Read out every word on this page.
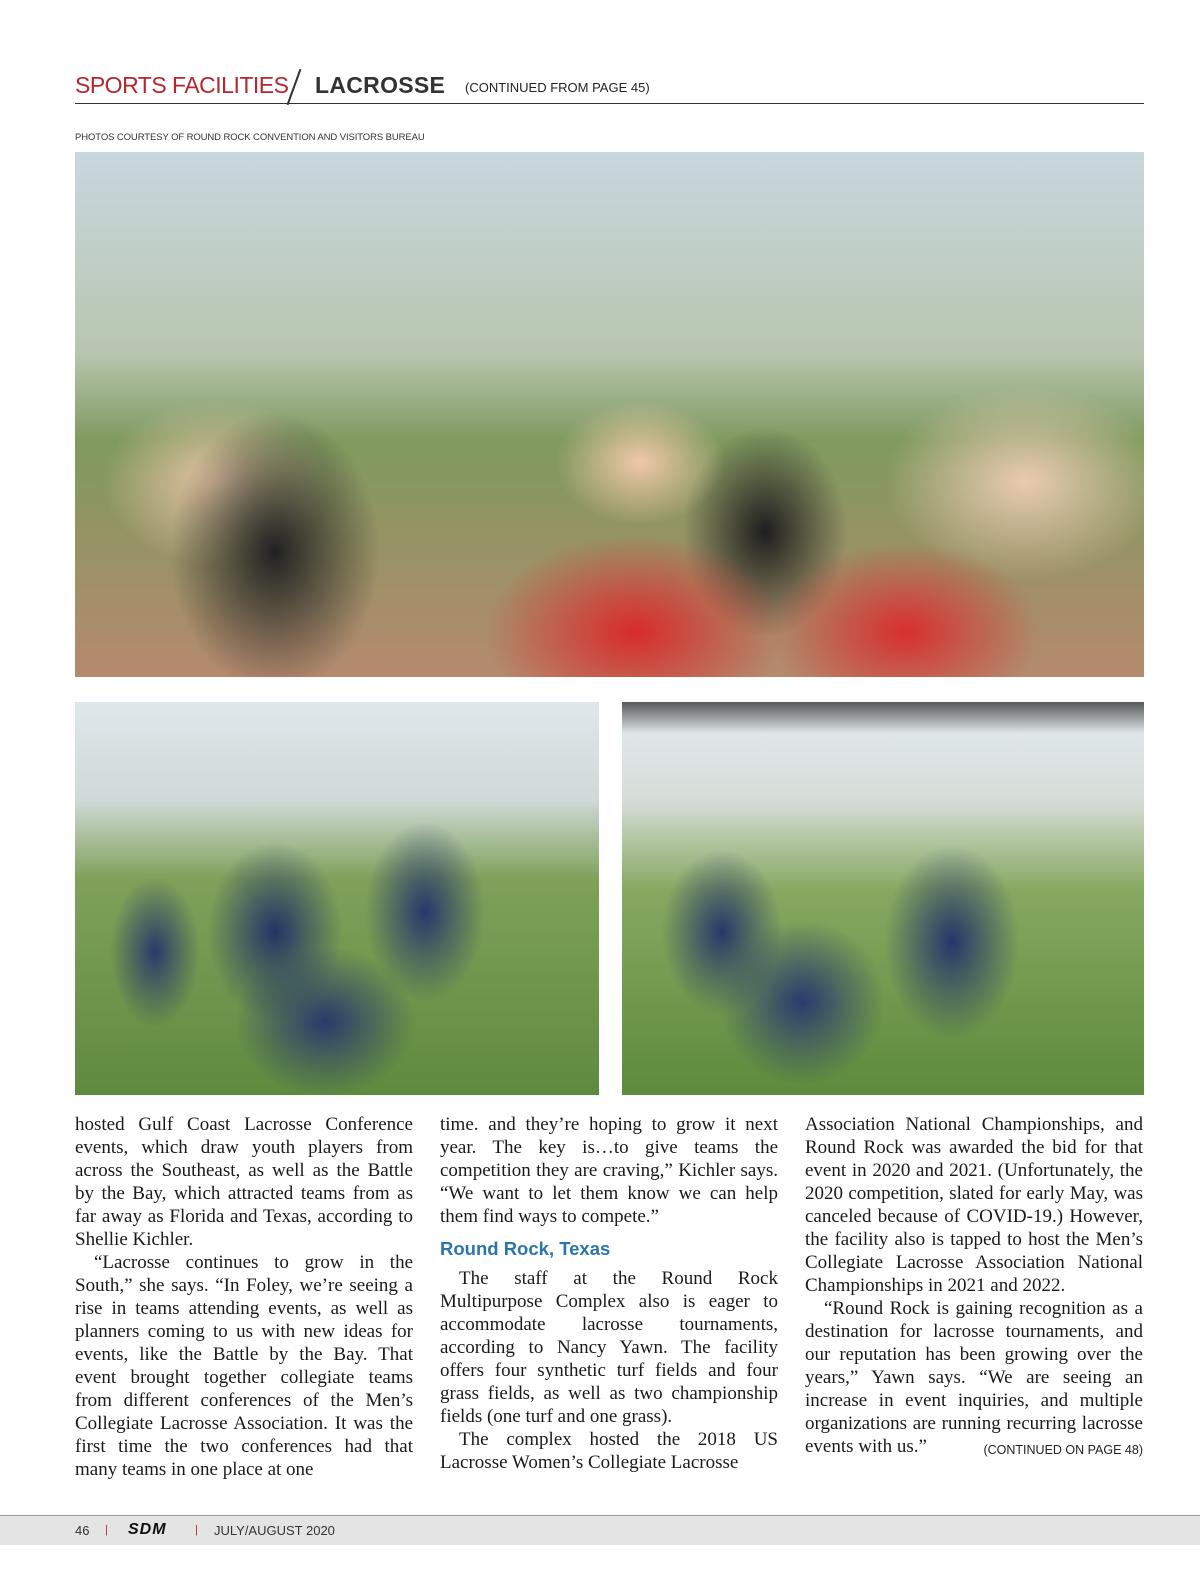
SPORTS FACILITIES LACROSSE (CONTINUED FROM PAGE 45)
PHOTOS COURTESY OF ROUND ROCK CONVENTION AND VISITORS BUREAU

hosted Gulf Coast Lacrosse Conference events, which draw youth players from across the Southeast, as well as the Battle by the Bay, which attracted teams from as far away as Florida and Texas, according to Shellie Kichler.

“Lacrosse continues to grow in the South,” she says. “In Foley, we’re seeing a rise in teams attending events, as well as planners coming to us with new ideas for events, like the Battle by the Bay. That event brought together collegiate teams from different conferences of the Men’s Collegiate Lacrosse Association. It was the first time the two conferences had that many teams in one place at one

time. and they’re hoping to grow it next year. The key is…to give teams the competition they are craving,” Kichler says. “We want to let them know we can help them find ways to compete.”

Round Rock, Texas

The staff at the Round Rock Multipurpose Complex also is eager to accommodate lacrosse tournaments, according to Nancy Yawn. The facility offers four synthetic turf fields and four grass fields, as well as two championship fields (one turf and one grass).

The complex hosted the 2018 US Lacrosse Women’s Collegiate Lacrosse

Association National Championships, and Round Rock was awarded the bid for that event in 2020 and 2021. (Unfortunately, the 2020 competition, slated for early May, was canceled because of COVID-19.) However, the facility also is tapped to host the Men’s Collegiate Lacrosse Association National Championships in 2021 and 2022.

“Round Rock is gaining recognition as a destination for lacrosse tournaments, and our reputation has been growing over the years,” Yawn says. “We are seeing an increase in event inquiries, and multiple organizations are running recurring lacrosse events with us.”	(CONTINUED ON PAGE 48)

46 | SDM	| JULY/AUGUST 2020
